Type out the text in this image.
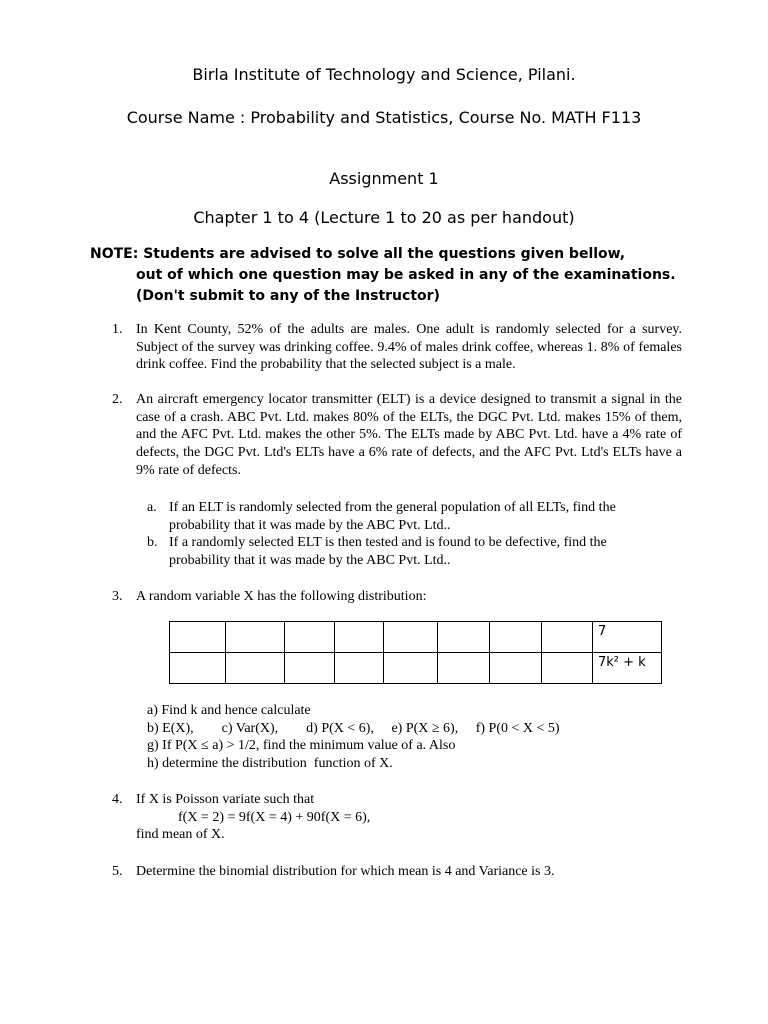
Birla Institute of Technology and Science, Pilani.
Course Name : Probability and Statistics, Course No. MATH F113
Assignment 1
Chapter 1 to 4 (Lecture 1 to 20 as per handout)

NOTE: Students are advised to solve all the questions given bellow,
out of which one question may be asked in any of the examinations. (Don't submit to any of the Instructor)

1. In Kent County, 52% of the adults are males. One adult is randomly selected for a survey. Subject of the survey was drinking coffee. 9.4% of males drink coffee, whereas 1. 8% of females drink coffee. Find the probability that the selected subject is a male.
2. An aircraft emergency locator transmitter (ELT) is a device designed to transmit a signal in the case of a crash. ABC Pvt. Ltd. makes 80% of the ELTs, the DGC Pvt. Ltd. makes 15% of them, and the AFC Pvt. Ltd. makes the other 5%. The ELTs made by ABC Pvt. Ltd. have a 4% rate of defects, the DGC Pvt. Ltd's ELTs have a 6% rate of defects, and the AFC Pvt. Ltd's ELTs have a 9% rate of defects.
a. If an ELT is randomly selected from the general population of all ELTs, find the probability that it was made by the ABC Pvt. Ltd..
b. If a randomly selected ELT is then tested and is found to be defective, find the probability that it was made by the ABC Pvt. Ltd..
3. A random variable X has the following distribution:
								7
								7k² + k
a) Find k and hence calculate
b) E(X), c) Var(X), d) P(X < 6), e) P(X ≥ 6), f) P(0 < X < 5)
g) If P(X ≤ a) > 1/2, find the minimum value of a. Also
h) determine the distribution  function of X.
4. If X is Poisson variate such that
f(X = 2) = 9f(X = 4) + 90f(X = 6),
find mean of X.
5. Determine the binomial distribution for which mean is 4 and Variance is 3.
